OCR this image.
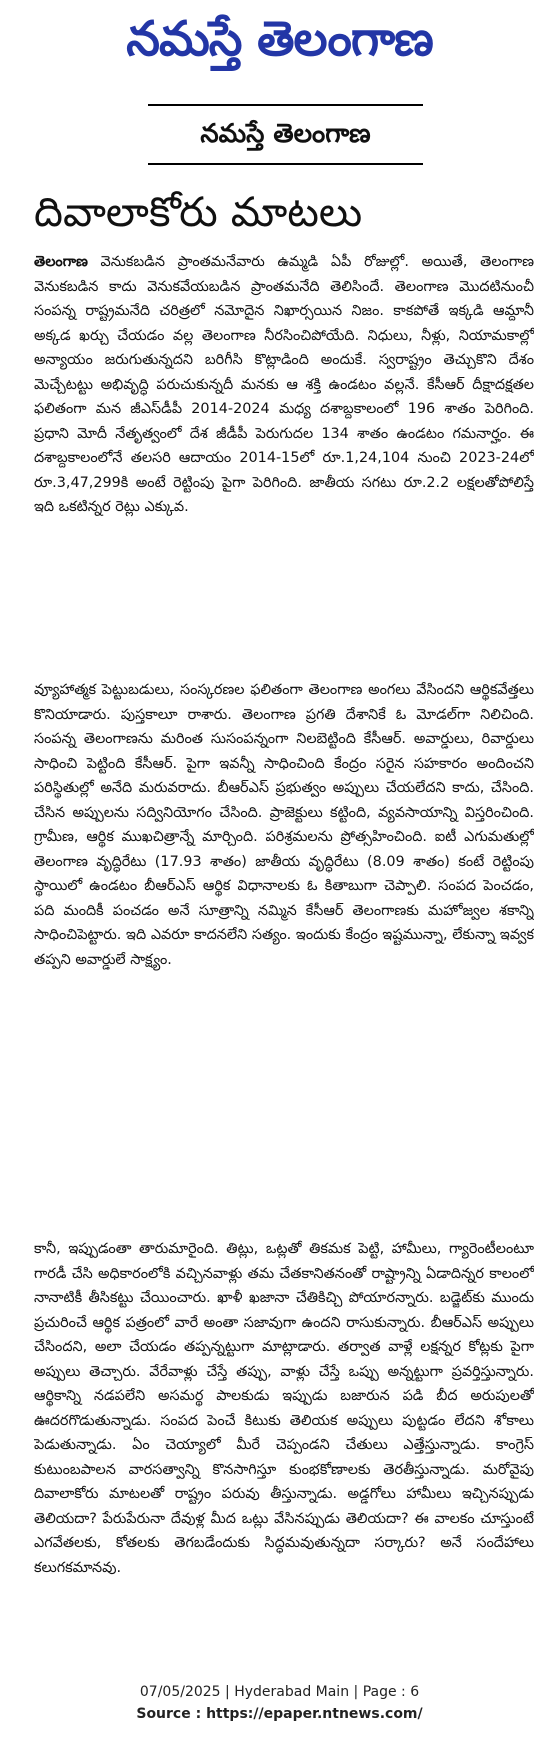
నమస్తే తెలంగాణ
నమస్తే తెలంగాణ
దివాలాకోరు మాటలు

తెలంగాణ వెనుకబడిన ప్రాంతమనేవారు ఉమ్మడి ఏపీ రోజుల్లో. అయితే, తెలంగాణ వెనుకబడిన కాదు వెనుకవేయబడిన ప్రాంతమనేది తెలిసిందే. తెలంగాణ మొదటినుంచీ సంపన్న రాష్ట్రమనేది చరిత్రలో నమోదైన నిఖార్సయిన నిజం. కాకపోతే ఇక్కడి ఆమ్దానీ అక్కడ ఖర్చు చేయడం వల్ల తెలంగాణ నీరసించిపోయేది. నిధులు, నీళ్లు, నియామకాల్లో అన్యాయం జరుగుతున్నదని బరిగీసి కొట్లాడింది అందుకే. స్వరాష్ట్రం తెచ్చుకొని దేశం మెచ్చేటట్టు అభివృద్ధి పరుచుకున్నదీ మనకు ఆ శక్తి ఉండటం వల్లనే. కేసీఆర్ దీక్షాదక్షతల ఫలితంగా మన జీఎస్‌డీపీ 2014-2024 మధ్య దశాబ్దకాలంలో 196 శాతం పెరిగింది. ప్రధాని మోదీ నేతృత్వంలో దేశ జీడీపీ పెరుగుదల 134 శాతం ఉండటం గమనార్హం. ఈ దశాబ్దకాలంలోనే తలసరి ఆదాయం 2014-15లో రూ.1,24,104 నుంచి 2023-24లో రూ.3,47,299కి అంటే రెట్టింపు పైగా పెరిగింది. జాతీయ సగటు రూ.2.2 లక్షలతోపోలిస్తే ఇది ఒకటిన్నర రెట్లు ఎక్కువ.

వ్యూహాత్మక పెట్టుబడులు, సంస్కరణల ఫలితంగా తెలంగాణ అంగలు వేసిందని ఆర్థికవేత్తలు కొనియాడారు. పుస్తకాలూ రాశారు. తెలంగాణ ప్రగతి దేశానికే ఓ మోడల్‌గా నిలిచింది. సంపన్న తెలంగాణను మరింత సుసంపన్నంగా నిలబెట్టింది కేసీఆర్. అవార్డులు, రివార్డులు సాధించి పెట్టింది కేసీఆర్. పైగా ఇవన్నీ సాధించింది కేంద్రం సరైన సహకారం అందించని పరిస్థితుల్లో అనేది మరువరాదు. బీఆర్‌ఎస్ ప్రభుత్వం అప్పులు చేయలేదని కాదు, చేసింది. చేసిన అప్పులను సద్వినియోగం చేసింది. ప్రాజెక్టులు కట్టింది, వ్యవసాయాన్ని విస్తరించింది. గ్రామీణ, ఆర్థిక ముఖచిత్రాన్నే మార్చింది. పరిశ్రమలను ప్రోత్సహించింది. ఐటీ ఎగుమతుల్లో తెలంగాణ వృద్ధిరేటు (17.93 శాతం) జాతీయ వృద్ధిరేటు (8.09 శాతం) కంటే రెట్టింపు స్థాయిలో ఉండటం బీఆర్‌ఎస్ ఆర్థిక విధానాలకు ఓ కితాబుగా చెప్పాలి. సంపద పెంచడం, పది మందికీ పంచడం అనే సూత్రాన్ని నమ్మిన కేసీఆర్ తెలంగాణకు మహోజ్వల శకాన్ని సాధించిపెట్టారు. ఇది ఎవరూ కాదనలేని సత్యం. ఇందుకు కేంద్రం ఇష్టమున్నా, లేకున్నా ఇవ్వక తప్పని అవార్డులే సాక్ష్యం.

కానీ, ఇప్పుడంతా తారుమారైంది. తిట్లు, ఒట్లతో తికమక పెట్టి, హామీలు, గ్యారెంటీలంటూ గారడీ చేసి అధికారంలోకి వచ్చినవాళ్లు తమ చేతకానితనంతో రాష్ట్రాన్ని ఏడాదిన్నర కాలంలో నానాటికీ తీసికట్టు చేయించారు. ఖాళీ ఖజానా చేతికిచ్చి పోయారన్నారు. బడ్జెట్‌కు ముందు ప్రచురించే ఆర్థిక పత్రంలో వారే అంతా సజావుగా ఉందని రాసుకున్నారు. బీఆర్‌ఎస్ అప్పులు చేసిందని, అలా చేయడం తప్పన్నట్టుగా మాట్లాడారు. తర్వాత వాళ్లే లక్షన్నర కోట్లకు పైగా అప్పులు తెచ్చారు. వేరేవాళ్లు చేస్తే తప్పు, వాళ్లు చేస్తే ఒప్పు అన్నట్టుగా ప్రవర్తిస్తున్నారు. ఆర్థికాన్ని నడపలేని అసమర్థ పాలకుడు ఇప్పుడు బజారున పడి బీద అరుపులతో ఊదరగొడుతున్నాడు. సంపద పెంచే కిటుకు తెలియక అప్పులు పుట్టడం లేదని శోకాలు పెడుతున్నాడు. ఏం చెయ్యాలో మీరే చెప్పండని చేతులు ఎత్తేస్తున్నాడు. కాంగ్రెస్ కుటుంబపాలన వారసత్వాన్ని కొనసాగిస్తూ కుంభకోణాలకు తెరతీస్తున్నాడు. మరోవైపు దివాలాకోరు మాటలతో రాష్ట్రం పరువు తీస్తున్నాడు. అడ్డగోలు హామీలు ఇచ్చినప్పుడు తెలియదా? పేరుపేరునా దేవుళ్ల మీద ఒట్లు వేసినప్పుడు తెలియదా? ఈ వాలకం చూస్తుంటే ఎగవేతలకు, కోతలకు తెగబడేందుకు సిద్ధమవుతున్నదా సర్కారు? అనే సందేహాలు కలుగకమానవు.

07/05/2025 | Hyderabad Main | Page : 6
Source : https://epaper.ntnews.com/
